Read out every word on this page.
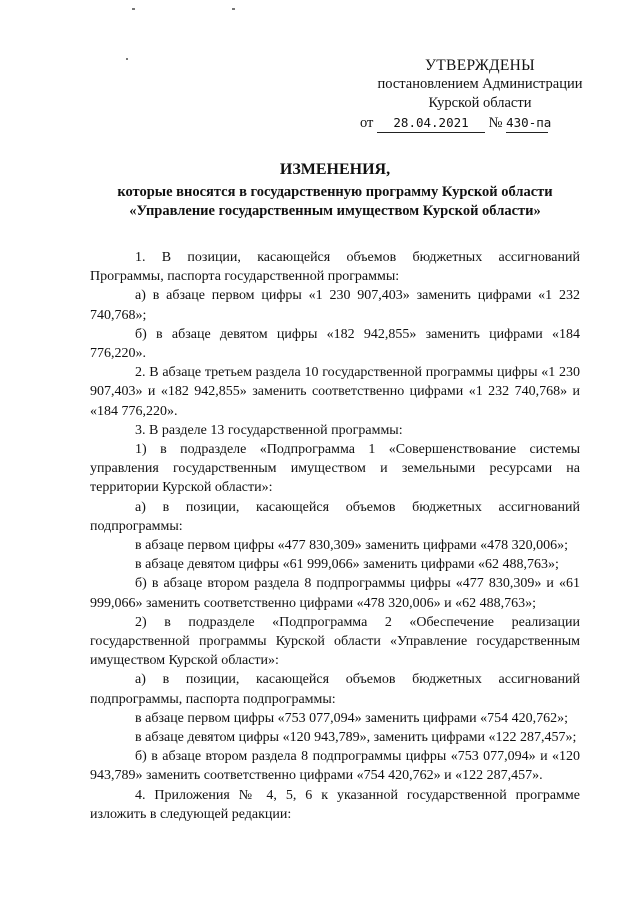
УТВЕРЖДЕНЫ
постановлением Администрации
Курской области
от 28.04.2021 № 430-па
ИЗМЕНЕНИЯ,
которые вносятся в государственную программу Курской области
«Управление государственным имуществом Курской области»

1. В позиции, касающейся объемов бюджетных ассигнований Программы, паспорта государственной программы:

а) в абзаце первом цифры «1 230 907,403» заменить цифрами «1 232 740,768»;

б) в абзаце девятом цифры «182 942,855» заменить цифрами «184 776,220».

2. В абзаце третьем раздела 10 государственной программы цифры «1 230 907,403» и «182 942,855» заменить соответственно цифрами «1 232 740,768» и «184 776,220».

3. В разделе 13 государственной программы:

1) в подразделе «Подпрограмма 1 «Совершенствование системы управления государственным имуществом и земельными ресурсами на территории Курской области»:

а) в позиции, касающейся объемов бюджетных ассигнований подпрограммы:

в абзаце первом цифры «477 830,309» заменить цифрами «478 320,006»;

в абзаце девятом цифры «61 999,066» заменить цифрами «62 488,763»;

б) в абзаце втором раздела 8 подпрограммы цифры «477 830,309» и «61 999,066» заменить соответственно цифрами «478 320,006» и «62 488,763»;

2) в подразделе «Подпрограмма 2 «Обеспечение реализации государственной программы Курской области «Управление государственным имуществом Курской области»:

а) в позиции, касающейся объемов бюджетных ассигнований подпрограммы, паспорта подпрограммы:

в абзаце первом цифры «753 077,094» заменить цифрами «754 420,762»;

в абзаце девятом цифры «120 943,789», заменить цифрами «122 287,457»;

б) в абзаце втором раздела 8 подпрограммы цифры «753 077,094» и «120 943,789» заменить соответственно цифрами «754 420,762» и «122 287,457».

4. Приложения № 4, 5, 6 к указанной государственной программе изложить в следующей редакции:
